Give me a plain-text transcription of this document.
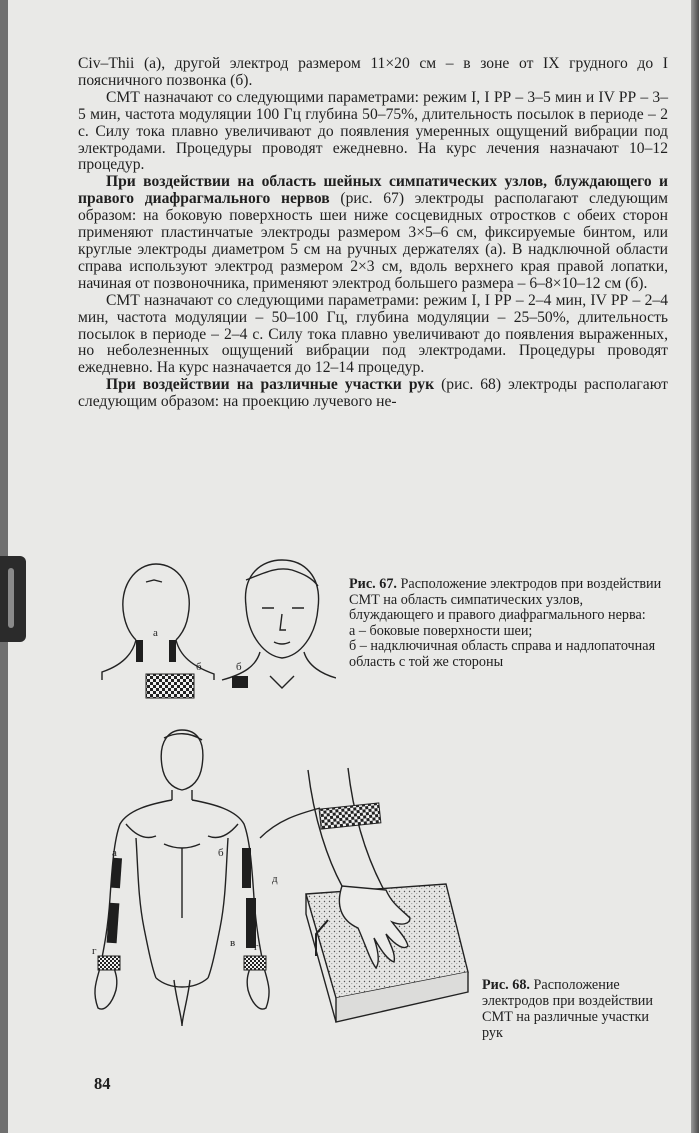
Civ–Thii (а), другой электрод размером 11×20 см – в зоне от IX грудного до I поясничного позвонка (б).

СМТ назначают со следующими параметрами: режим I, I РР – 3–5 мин и IV РР – 3–5 мин, частота модуляции 100 Гц глубина 50–75%, длительность посылок в периоде – 2 с. Силу тока плавно увеличивают до появления умеренных ощущений вибрации под электродами. Процедуры проводят ежедневно. На курс лечения назначают 10–12 процедур.

При воздействии на область шейных симпатических узлов, блуждающего и правого диафрагмального нервов (рис. 67) электроды располагают следующим образом: на боковую поверхность шеи ниже сосцевидных отростков с обеих сторон применяют пластинчатые электроды размером 3×5–6 см, фиксируемые бинтом, или круглые электроды диаметром 5 см на ручных держателях (а). В надключной области справа используют электрод размером 2×3 см, вдоль верхнего края правой лопатки, начиная от позвоночника, применяют электрод большего размера – 6–8×10–12 см (б).

СМТ назначают со следующими параметрами: режим I, I РР – 2–4 мин, IV РР – 2–4 мин, частота модуляции – 50–100 Гц, глубина модуляции – 25–50%, длительность посылок в периоде – 2–4 с. Силу тока плавно увеличивают до появления выраженных, но неболезненных ощущений вибрации под электродами. Процедуры проводят ежедневно. На курс назначается до 12–14 процедур.

При воздействии на различные участки рук (рис. 68) электроды располагают следующим образом: на проекцию лучевого не-

а
б	б
Рис. 67. Расположение электродов при воздействии СМТ на область симпатических узлов, блуждающего и правого диафрагмального нерва:
а – боковые поверхности шеи;
б – надключичная область справа и надлопаточная область с той же стороны
а	б
в
г	г
д
Рис. 68. Расположение электродов при воздействии СМТ на различные участки рук
84
